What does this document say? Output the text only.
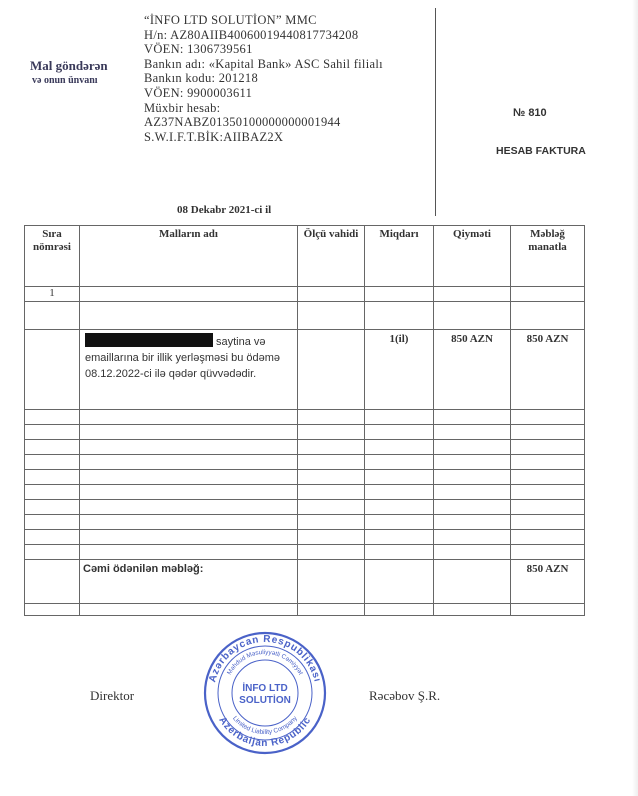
Mal göndərən
və onun ünvanı
“İNFO LTD SOLUTİON” MMC
H/n: AZ80AIIB40060019440817734208
VÖEN: 1306739561
Bankın adı: «Kapital Bank» ASC Sahil filialı
Bankın kodu: 201218
VÖEN: 9900003611
Müxbir hesab:
AZ37NABZ01350100000000001944
S.W.I.F.T.BİK:AIIBAZ2X
№ 810
HESAB FAKTURA
08 Dekabr 2021-ci il
Sıra nömrəsi	Malların adı	Ölçü vahidi	Miqdarı	Qiyməti	Məbləğ manatla
1					

	saytina və emaillarına bir illik yerləşməsi bu ödəmə 08.12.2022-ci ilə qədər qüvvədədir.		1(il)	850 AZN	850 AZN

	Cəmi ödənilən məbləğ:				850 AZN

Direktor	Rəcəbov Ş.R.
Azərbaycan Respublikası
Məhdud Məsuliyyətli Cəmiyyət
Azerbaijan Republic
Limited Liability Company
İNFO LTD
SOLUTİON
